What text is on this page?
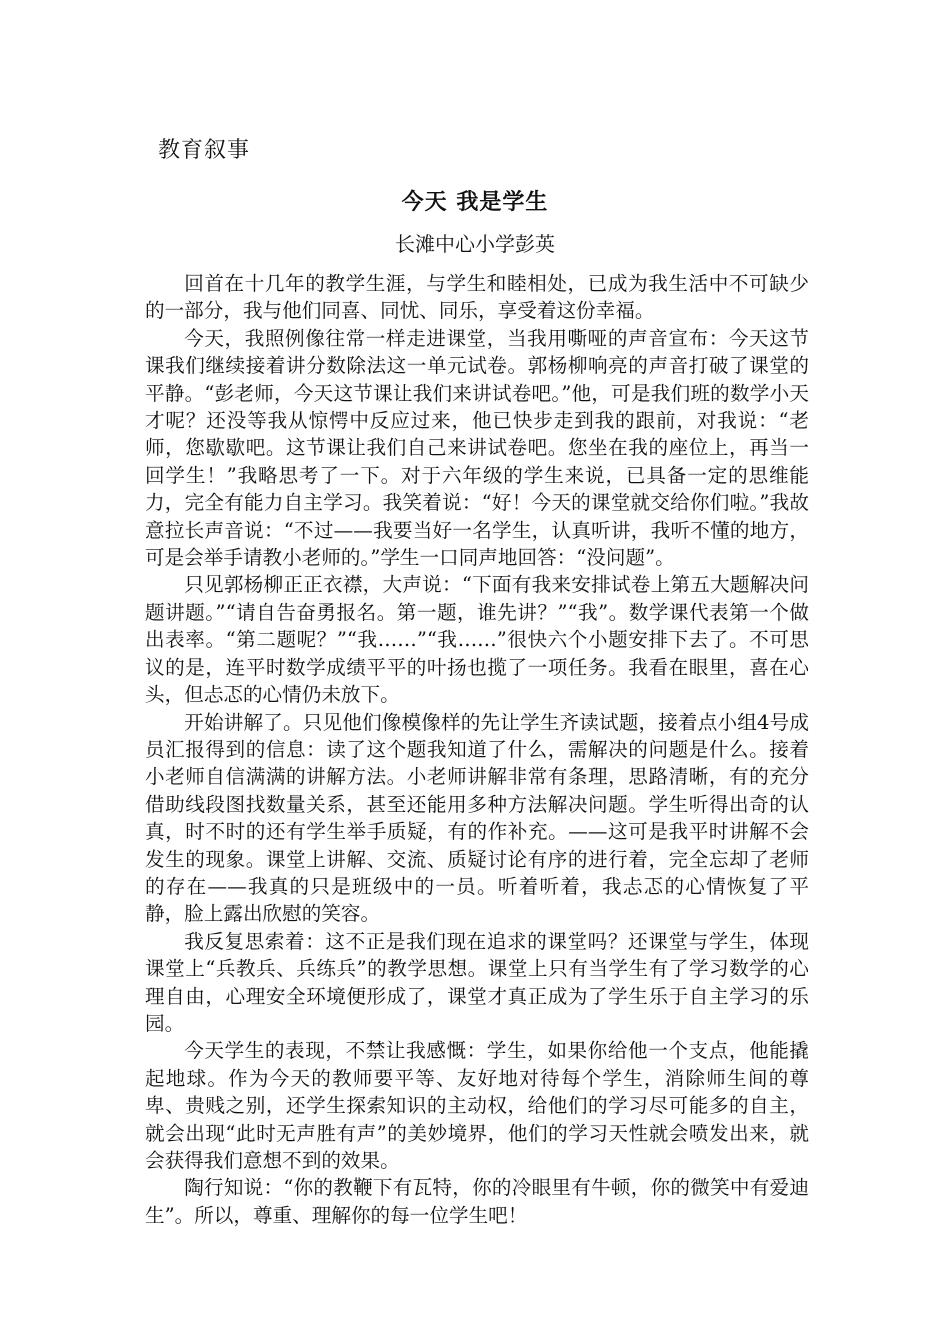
教育叙事
今天 我是学生
长滩中心小学彭英

回首在十几年的教学生涯，与学生和睦相处，已成为我生活中不可缺少的一部分，我与他们同喜、同忧、同乐，享受着这份幸福。

今天，我照例像往常一样走进课堂，当我用嘶哑的声音宣布：今天这节课我们继续接着讲分数除法这一单元试卷。郭杨柳响亮的声音打破了课堂的平静。“彭老师，今天这节课让我们来讲试卷吧。”他，可是我们班的数学小天才呢？还没等我从惊愕中反应过来，他已快步走到我的跟前，对我说：“老师，您歇歇吧。这节课让我们自己来讲试卷吧。您坐在我的座位上，再当一回学生！”我略思考了一下。对于六年级的学生来说，已具备一定的思维能力，完全有能力自主学习。我笑着说：“好！今天的课堂就交给你们啦。”我故意拉长声音说：“不过——我要当好一名学生，认真听讲，我听不懂的地方，可是会举手请教小老师的。”学生一口同声地回答：“没问题”。

只见郭杨柳正正衣襟，大声说：“下面有我来安排试卷上第五大题解决问题讲题。”“请自告奋勇报名。第一题，谁先讲？”“我”。数学课代表第一个做出表率。“第二题呢？”“我……”“我……”很快六个小题安排下去了。不可思议的是，连平时数学成绩平平的叶扬也揽了一项任务。我看在眼里，喜在心头，但忐忑的心情仍未放下。

开始讲解了。只见他们像模像样的先让学生齐读试题，接着点小组4号成员汇报得到的信息：读了这个题我知道了什么，需解决的问题是什么。接着小老师自信满满的讲解方法。小老师讲解非常有条理，思路清晰，有的充分借助线段图找数量关系，甚至还能用多种方法解决问题。学生听得出奇的认真，时不时的还有学生举手质疑，有的作补充。——这可是我平时讲解不会发生的现象。课堂上讲解、交流、质疑讨论有序的进行着，完全忘却了老师的存在——我真的只是班级中的一员。听着听着，我忐忑的心情恢复了平静，脸上露出欣慰的笑容。

我反复思索着：这不正是我们现在追求的课堂吗？还课堂与学生，体现课堂上“兵教兵、兵练兵”的教学思想。课堂上只有当学生有了学习数学的心理自由，心理安全环境便形成了，课堂才真正成为了学生乐于自主学习的乐园。

今天学生的表现，不禁让我感慨：学生，如果你给他一个支点，他能撬起地球。作为今天的教师要平等、友好地对待每个学生，消除师生间的尊卑、贵贱之别，还学生探索知识的主动权，给他们的学习尽可能多的自主，就会出现“此时无声胜有声”的美妙境界，他们的学习天性就会喷发出来，就会获得我们意想不到的效果。

陶行知说：“你的教鞭下有瓦特，你的冷眼里有牛顿，你的微笑中有爱迪生”。所以，尊重、理解你的每一位学生吧！
